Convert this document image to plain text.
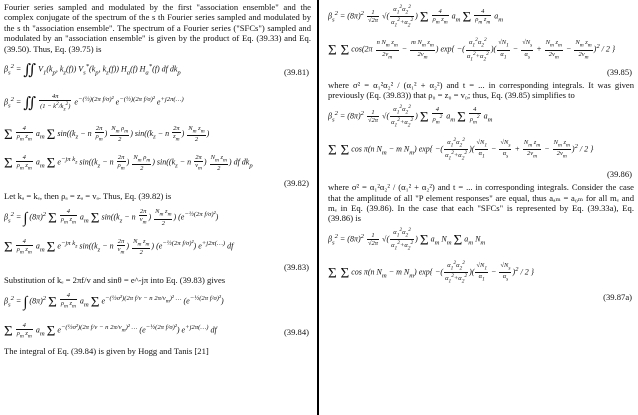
Fourier series sampled and modulated by the first "association ensemble" and the complex conjugate of the spectrum of the s th Fourier series sampled and modulated by the s th "association ensemble". The spectrum of a Fourier series ("SFCs") sampled and modulated by an "association ensemble" is given by the product of Eq. (39.33) and Eq. (39.50). Thus, Eq. (39.75) is

$\beta_s^2$ = ∬ $V_1(k_p$, $k_z(f)$) $V_s^*(k_p$, $k_z(f)$) $H_a(f)$ $H_a^*(f)$ df $dk_p$	(39.81)
$\beta_s^2$ = ∬ $\frac{4\pi}{(1 - k^2/k_z^2)} e^{-(\frac{1}{2})(2\pi f/\sigma)^2}$ $e^{-(\frac{1}{2})(2\pi f/\sigma)^2}$ $e^{+j2\pi(\dots)}$
Σ $\frac{4}{\rho_m z_m} a_m$ Σ $\sin((k_z - n \frac{2\pi}{\rho_m}$ ) $\frac{N_m \rho_m}{2}$ ) $\sin((k_z - n \frac{2\pi}{z_m}$ ) $\frac{N_m z_m}{2}$ )
Σ $\frac{4}{\rho_m z_m} a_m$ Σ $e^{-j\pi k_z}$ $\sin((k_z - n \frac{2\pi}{\rho_m}$ ) $\frac{N_m \rho_m}{2}$ ) $\sin((k_z - n \frac{2\pi}{v_m}$ ) $\frac{N_m z_m}{2}$ ) df $dk_p$
(39.82)

Let kₐ = kₑ, then ρₐ = zₐ = vₐ. Thus, Eq. (39.82) is

$\beta_s^2$ = ∫ $(8\pi)^2$ Σ $\frac{4}{\rho_m z_m} a_m$ Σ $\sin((k_z - n \frac{2\pi}{v_m}$ ) $\frac{N_m z_m}{2}$ ) $(e^{-\frac{1}{2}(2\pi f/\sigma)^2})$
Σ $\frac{4}{\rho_m z_m} a_m$ Σ $e^{-j\pi k_z}$ $\sin((k_z - n \frac{2\pi}{v_m}$ ) $\frac{N_m z_m}{2}$ ) $(e^{-\frac{1}{2}(2\pi f/\sigma)^2})$ $e^{+j2\pi(\dots)}$ df
(39.83)

Substitution of kₑ = 2πf/v and sinθ = e^-jπ into Eq. (39.83) gives

$\beta_s^2$ = ∫ $(8\pi)^2$ Σ $\frac{4}{\rho_m z_m} a_m$ Σ $e^{-(\frac{1}{2}\sigma^2)(2\pi f/v - n 2\pi/v_m)^2 \dots}$ $(e^{-\frac{1}{2}(2\pi f/\sigma)^2})$
Σ $\frac{4}{\rho_m z_m} a_m$ Σ $e^{-(\frac{1}{2}\sigma^2)(2\pi f/v - n 2\pi/v_m)^2 \dots}$ $(e^{-\frac{1}{2}(2\pi f/\sigma)^2})$ $e^{+j2\pi(\dots)}$ df	(39.84)

The integral of Eq. (39.84) is given by Hogg and Tanis [21]

$\beta_s^2 = (8\pi)^2 \frac{1}{√2\pi}$ √( $\frac{\alpha_1^2\alpha_2^2}{\alpha_1^2+\alpha_2^2}$ ) Σ $\frac{4}{\rho_m z_m} a_m$ Σ $\frac{4}{\rho_m z_m} a_m$
Σ Σ $\cos(2\pi \frac{n N_m z_m}{2v_m} - \frac{m N_m z_m}{2v_m}$ ) exp{ −( $\frac{\alpha_1^2\alpha_2^2}{\alpha_1^2+\alpha_2^2}$ )( $\frac{√N_1}{\alpha_1} - \frac{√N_s}{\alpha_s} + \frac{N_m z_m}{2v_m} - \frac{N_m z_m}{2v_m} )^2 / 2$ }
(39.85)

where σ² = α₁²α₂² / (α₁² + α₂²) and t = ... in corresponding integrals. It was given previously (Eq. (39.83)) that ρ₀ = z₀ = v₀; thus, Eq. (39.85) simplifies to

$\beta_s^2 = (8\pi)^2 \frac{1}{√2\pi}$ √( $\frac{\alpha_1^2\alpha_2^2}{\alpha_1^2+\alpha_2^2}$ ) Σ $\frac{4}{\rho_m^2} a_m$ Σ $\frac{4}{\rho_m^2} a_m$
Σ Σ cos π(n $N_m - m$ $N_m$) exp{ −( $\frac{\alpha_1^2\alpha_2^2}{\alpha_1^2+\alpha_2^2}$ )( $\frac{√N_1}{\alpha_1} - \frac{√N_s}{\alpha_s} + \frac{N_m z_m}{2v_m} - \frac{N_m z_m}{2v_m} )^2 / 2$ }
(39.86)

where σ² = α₁²α₂² / (α₁² + α₂²) and t = ... in corresponding integrals. Consider the case that the amplitude of all "P element responses" are equal, thus aₐₘ = a₀ₘ for all mₑ and mₑ in Eq. (39.86). In the case that each "SFCs" is represented by Eq. (39.33a), Eq. (39.86) is

$\beta_s^2 = (8\pi)^2 \frac{1}{√2\pi}$ √( $\frac{\alpha_1^2\alpha_2^2}{\alpha_1^2+\alpha_2^2}$ ) Σ $a_m$ $N_m$ Σ $a_m$ $N_m$
Σ Σ cos π(n $N_m - m$ $N_m$) exp{ −( $\frac{\alpha_1^2\alpha_2^2}{\alpha_1^2+\alpha_2^2}$ )( $\frac{√N_1}{\alpha_1} - \frac{√N_s}{\alpha_s} )^2 / 2$ }
(39.87a)
